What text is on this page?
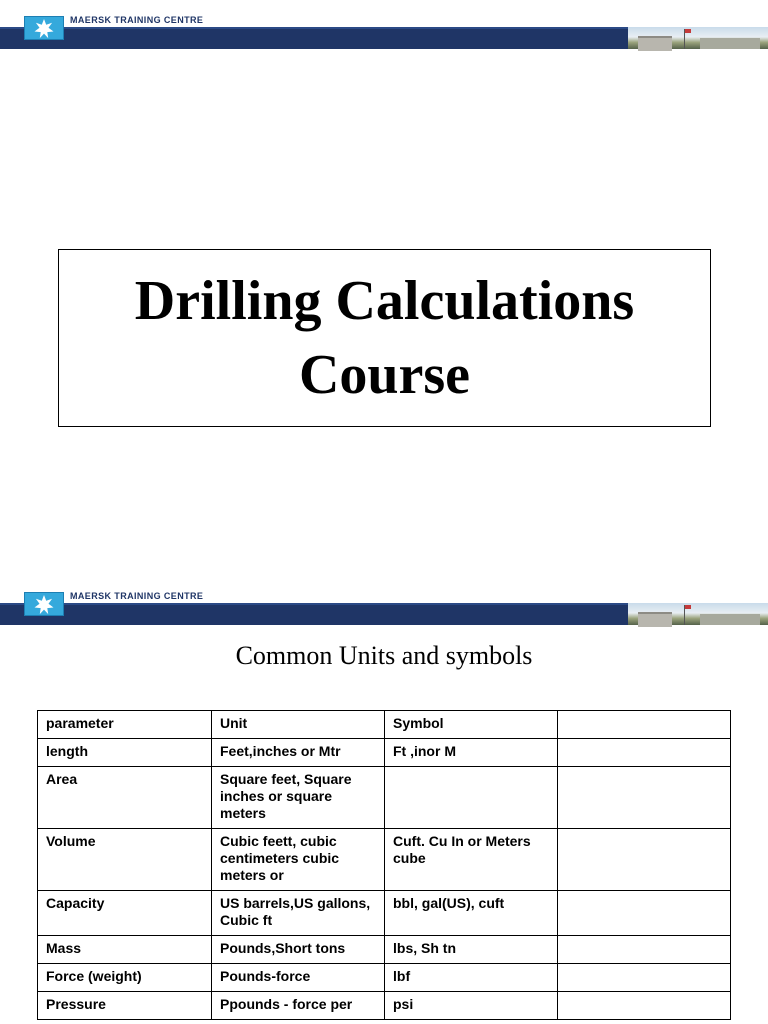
MAERSK TRAINING CENTRE
Drilling Calculations
Course
MAERSK TRAINING CENTRE
Common Units and symbols
parameter	Unit	Symbol	
length	Feet,inches or Mtr	Ft ,inor M	
Area	Square feet, Square inches or square meters		
Volume	Cubic feett, cubic centimeters cubic meters or	Cuft. Cu In or Meters cube	
Capacity	US barrels,US gallons, Cubic ft	bbl, gal(US), cuft	
Mass	Pounds,Short tons	lbs, Sh tn	
Force (weight)	Pounds-force	lbf	
Pressure	Ppounds - force per	psi	
